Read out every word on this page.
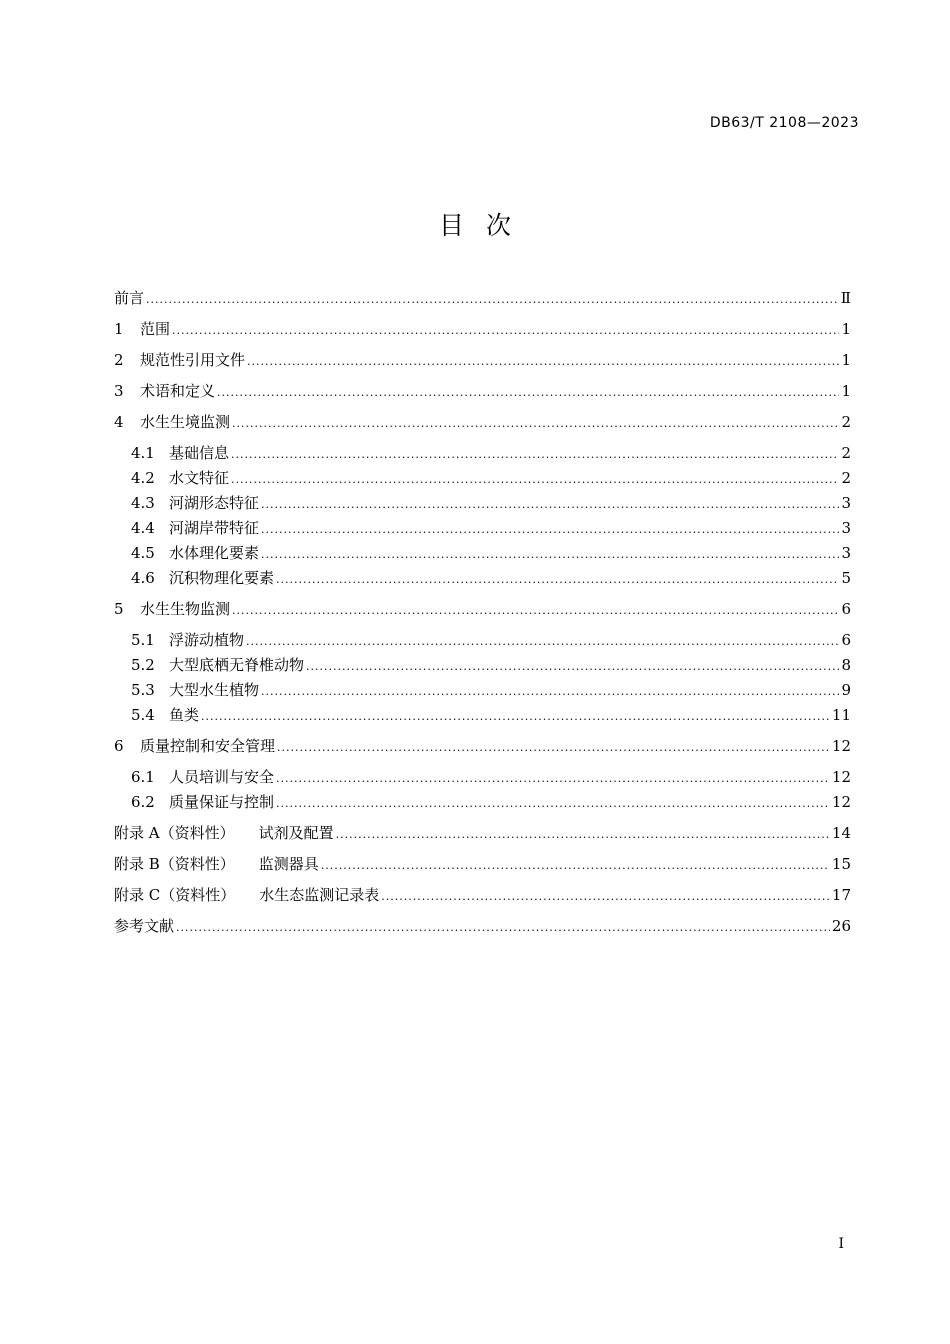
DB63/T 2108—2023
目次
前言 .....	Ⅱ
1	范围 .....	1
2	规范性引用文件 .....	1
3	术语和定义 .....	1
4	水生生境监测 .....	2
4.1 基础信息 .....	2
4.2 水文特征 .....	2
4.3 河湖形态特征 .....	3
4.4 河湖岸带特征 .....	3
4.5 水体理化要素 .....	3
4.6 沉积物理化要素 .....	5
5	水生生物监测 .....	6
5.1 浮游动植物 .....	6
5.2 大型底栖无脊椎动物 .....	8
5.3 大型水生植物 .....	9
5.4 鱼类 .....	11
6	质量控制和安全管理 .....	12
6.1 人员培训与安全 .....	12
6.2 质量保证与控制 .....	12
附录 A（资料性） 试剂及配置 .....	14
附录 B（资料性） 监测器具 .....	15
附录 C（资料性） 水生态监测记录表 .....	17
参考文献 .....	26
I
